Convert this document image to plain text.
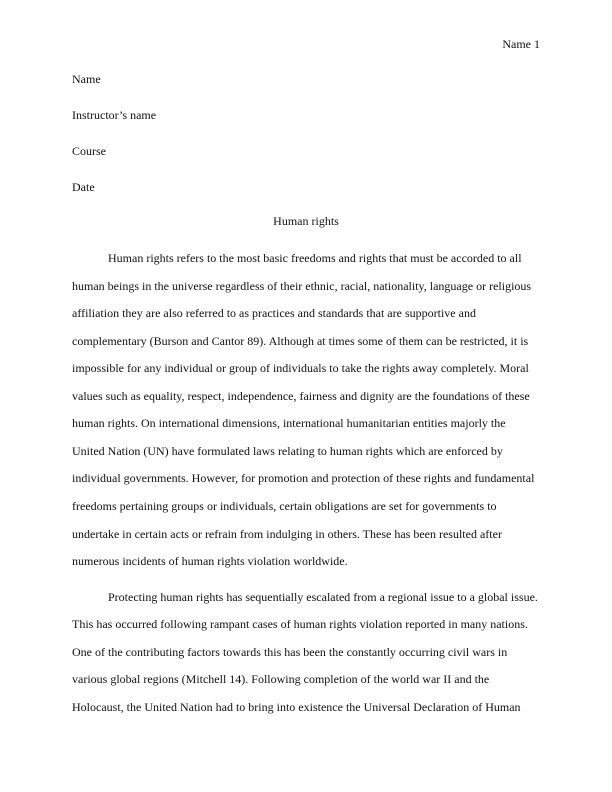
Name 1
Name
Instructor’s name
Course
Date
Human rights
Human rights refers to the most basic freedoms and rights that must be accorded to all
human beings in the universe regardless of their ethnic, racial, nationality, language or religious
affiliation they are also referred to as practices and standards that are supportive and
complementary (Burson and Cantor 89). Although at times some of them can be restricted, it is
impossible for any individual or group of individuals to take the rights away completely. Moral
values such as equality, respect, independence, fairness and dignity are the foundations of these
human rights. On international dimensions, international humanitarian entities majorly the
United Nation (UN) have formulated laws relating to human rights which are enforced by
individual governments. However, for promotion and protection of these rights and fundamental
freedoms pertaining groups or individuals, certain obligations are set for governments to
undertake in certain acts or refrain from indulging in others. These has been resulted after
numerous incidents of human rights violation worldwide.
Protecting human rights has sequentially escalated from a regional issue to a global issue.
This has occurred following rampant cases of human rights violation reported in many nations.
One of the contributing factors towards this has been the constantly occurring civil wars in
various global regions (Mitchell 14). Following completion of the world war II and the
Holocaust, the United Nation had to bring into existence the Universal Declaration of Human
